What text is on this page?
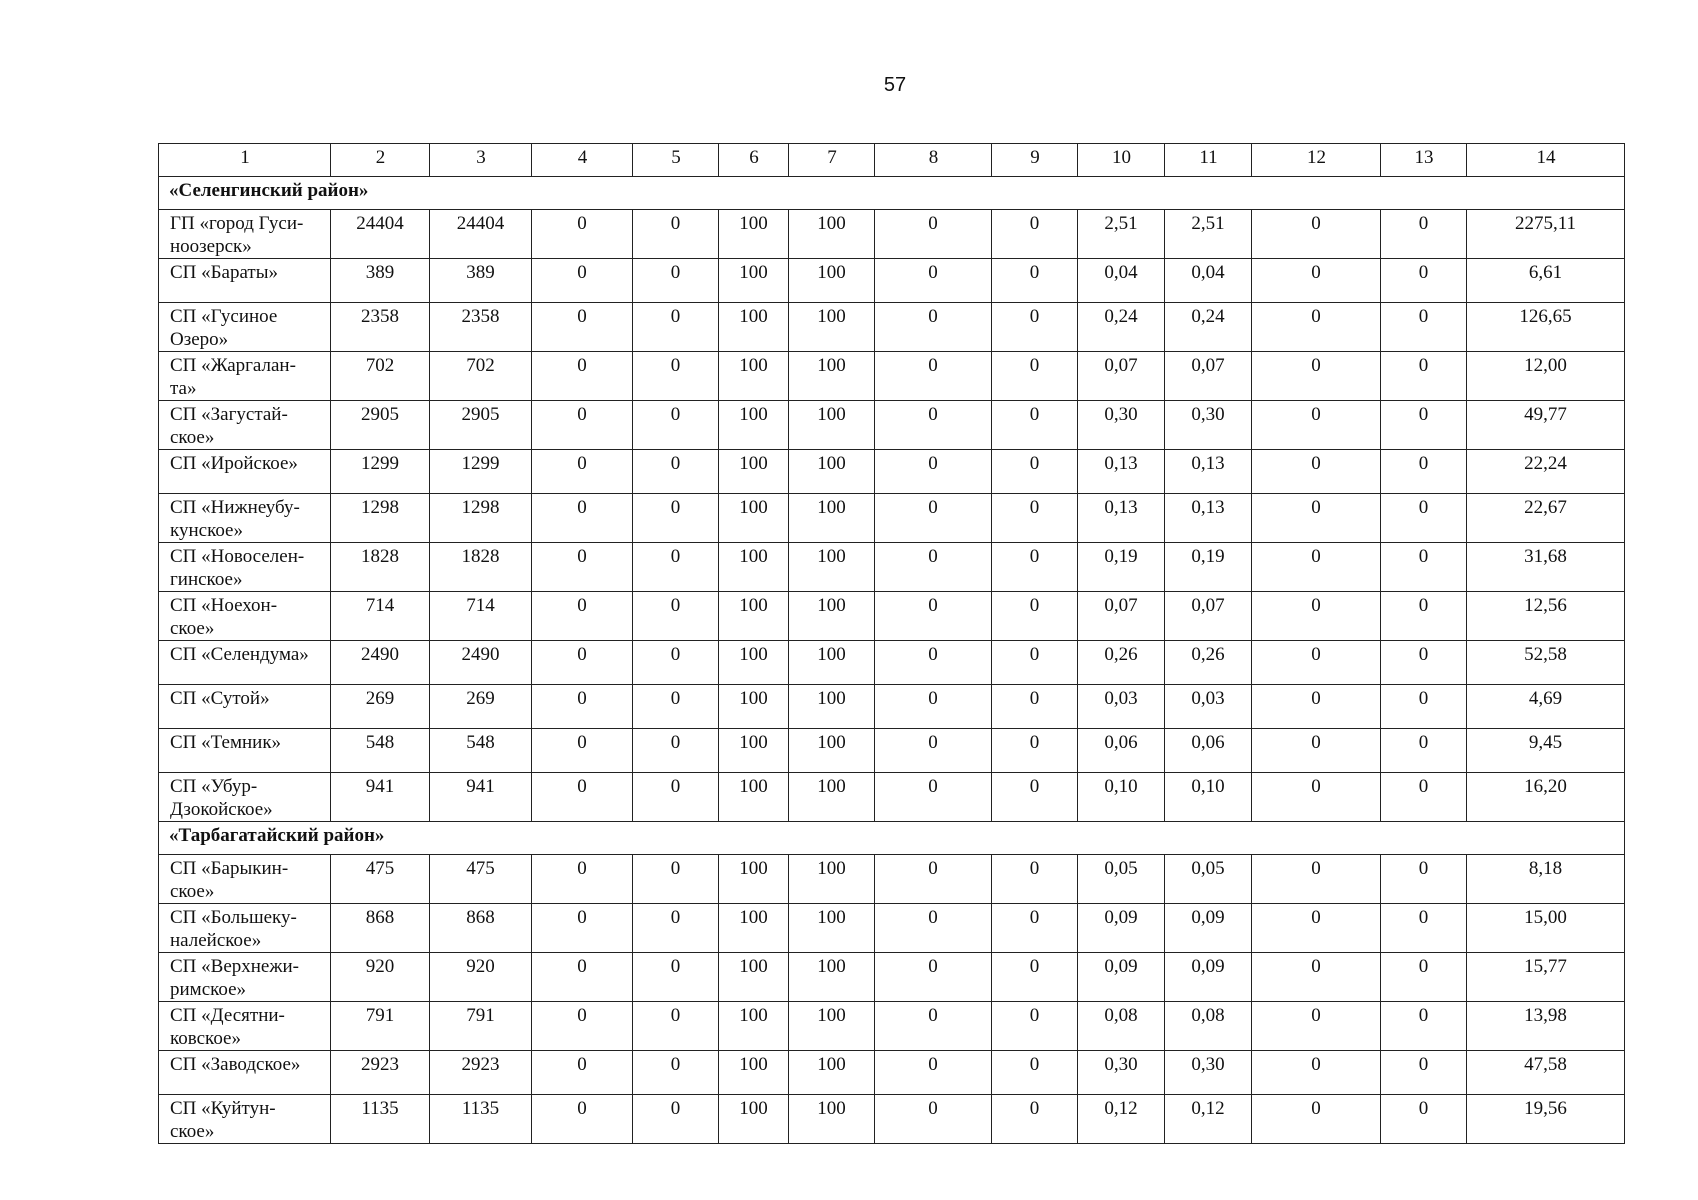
57
1	2	3	4	5	6	7	8	9	10	11	12	13	14
«Селенгинский район»													
ГП «город Гуси-
ноозерск»	24404	24404	0	0	100	100	0	0	2,51	2,51	0	0	2275,11
СП «Бараты»	389	389	0	0	100	100	0	0	0,04	0,04	0	0	6,61
СП «Гусиное
Озеро»	2358	2358	0	0	100	100	0	0	0,24	0,24	0	0	126,65
СП «Жаргалан-
та»	702	702	0	0	100	100	0	0	0,07	0,07	0	0	12,00
СП «Загустай-
ское»	2905	2905	0	0	100	100	0	0	0,30	0,30	0	0	49,77
СП «Иройское»	1299	1299	0	0	100	100	0	0	0,13	0,13	0	0	22,24
СП «Нижнеубу-
кунское»	1298	1298	0	0	100	100	0	0	0,13	0,13	0	0	22,67
СП «Новоселен-
гинское»	1828	1828	0	0	100	100	0	0	0,19	0,19	0	0	31,68
СП «Ноехон-
ское»	714	714	0	0	100	100	0	0	0,07	0,07	0	0	12,56
СП «Селендума»	2490	2490	0	0	100	100	0	0	0,26	0,26	0	0	52,58
СП «Сутой»	269	269	0	0	100	100	0	0	0,03	0,03	0	0	4,69
СП «Темник»	548	548	0	0	100	100	0	0	0,06	0,06	0	0	9,45
СП «Убур-
Дзокойское»	941	941	0	0	100	100	0	0	0,10	0,10	0	0	16,20
«Тарбагатайский район»													
СП «Барыкин-
ское»	475	475	0	0	100	100	0	0	0,05	0,05	0	0	8,18
СП «Большеку-
налейское»	868	868	0	0	100	100	0	0	0,09	0,09	0	0	15,00
СП «Верхнежи-
римское»	920	920	0	0	100	100	0	0	0,09	0,09	0	0	15,77
СП «Десятни-
ковское»	791	791	0	0	100	100	0	0	0,08	0,08	0	0	13,98
СП «Заводское»	2923	2923	0	0	100	100	0	0	0,30	0,30	0	0	47,58
СП «Куйтун-
ское»	1135	1135	0	0	100	100	0	0	0,12	0,12	0	0	19,56
